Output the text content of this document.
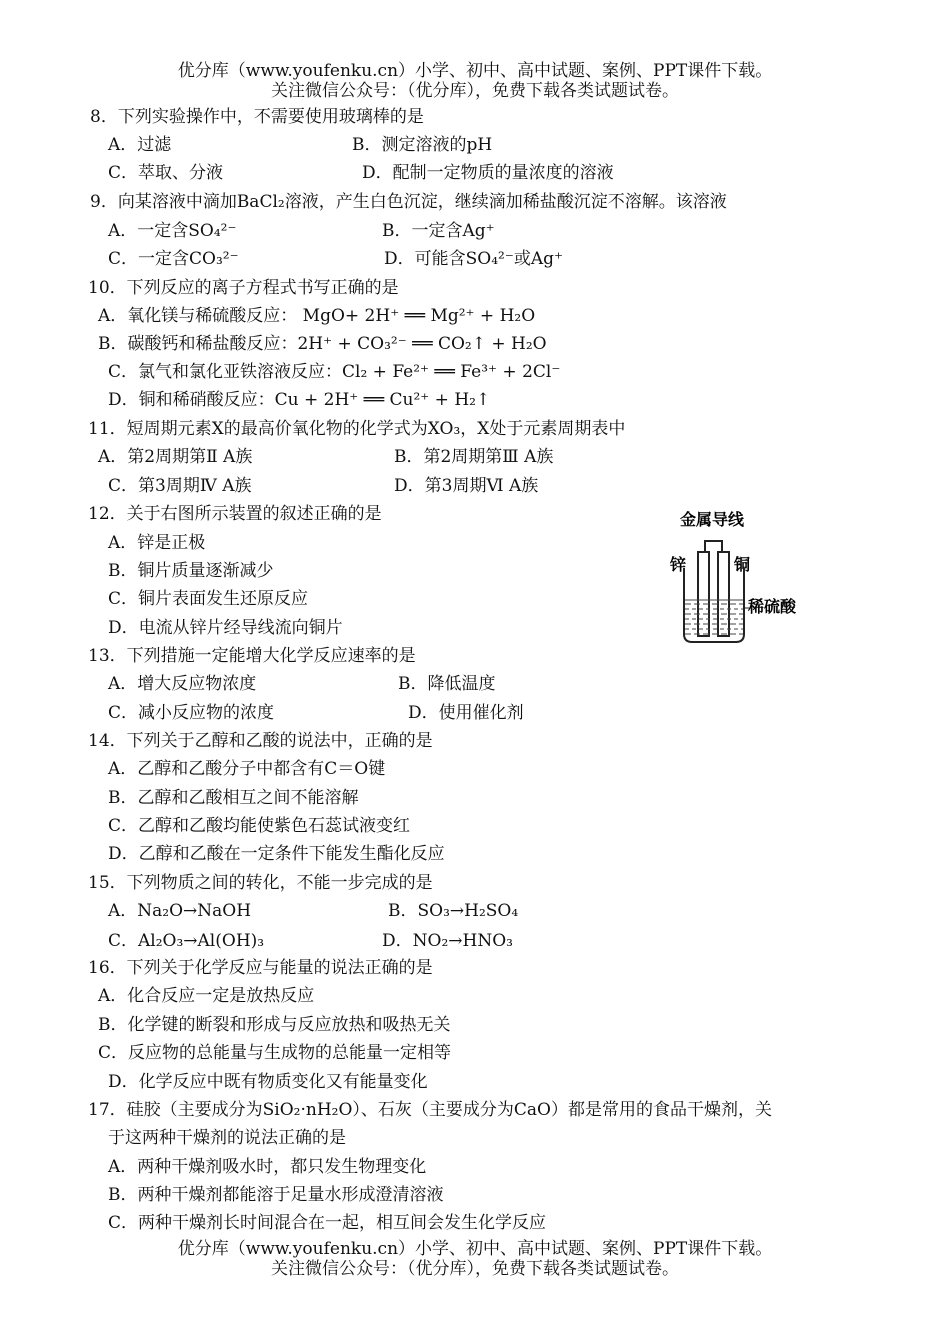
优分库（www.youfenku.cn）小学、初中、高中试题、案例、PPT课件下载。
关注微信公众号：（优分库），免费下载各类试题试卷。
8．下列实验操作中，不需要使用玻璃棒的是
A．过滤	B．测定溶液的pH
C．萃取、分液	D．配制一定物质的量浓度的溶液
9．向某溶液中滴加BaCl₂溶液，产生白色沉淀，继续滴加稀盐酸沉淀不溶解。该溶液
A．一定含SO₄²⁻	B．一定含Ag⁺
C．一定含CO₃²⁻	D．可能含SO₄²⁻或Ag⁺
10．下列反应的离子方程式书写正确的是
A．氧化镁与稀硫酸反应： MgO+ 2H⁺ ══ Mg²⁺ + H₂O
B．碳酸钙和稀盐酸反应：2H⁺ + CO₃²⁻ ══ CO₂↑ + H₂O
C．氯气和氯化亚铁溶液反应：Cl₂ + Fe²⁺ ══ Fe³⁺ + 2Cl⁻
D．铜和稀硝酸反应：Cu + 2H⁺ ══ Cu²⁺ + H₂↑
11．短周期元素X的最高价氧化物的化学式为XO₃，X处于元素周期表中
A．第2周期第Ⅱ A族	B．第2周期第Ⅲ A族
C．第3周期Ⅳ A族	D．第3周期Ⅵ A族
12．关于右图所示装置的叙述正确的是
A．锌是正极
B．铜片质量逐渐减少
C．铜片表面发生还原反应
D．电流从锌片经导线流向铜片
金属导线
锌	铜
稀硫酸
13．下列措施一定能增大化学反应速率的是
A．增大反应物浓度	B．降低温度
C．减小反应物的浓度	D．使用催化剂
14．下列关于乙醇和乙酸的说法中，正确的是
A．乙醇和乙酸分子中都含有C＝O键
B．乙醇和乙酸相互之间不能溶解
C．乙醇和乙酸均能使紫色石蕊试液变红
D．乙醇和乙酸在一定条件下能发生酯化反应
15．下列物质之间的转化，不能一步完成的是
A．Na₂O→NaOH	B．SO₃→H₂SO₄
C．Al₂O₃→Al(OH)₃	D．NO₂→HNO₃
16．下列关于化学反应与能量的说法正确的是
A．化合反应一定是放热反应
B．化学键的断裂和形成与反应放热和吸热无关
C．反应物的总能量与生成物的总能量一定相等
D．化学反应中既有物质变化又有能量变化
17．硅胶（主要成分为SiO₂·nH₂O）、石灰（主要成分为CaO）都是常用的食品干燥剂，关
于这两种干燥剂的说法正确的是
A．两种干燥剂吸水时，都只发生物理变化
B．两种干燥剂都能溶于足量水形成澄清溶液
C．两种干燥剂长时间混合在一起，相互间会发生化学反应
优分库（www.youfenku.cn）小学、初中、高中试题、案例、PPT课件下载。
关注微信公众号：（优分库），免费下载各类试题试卷。
